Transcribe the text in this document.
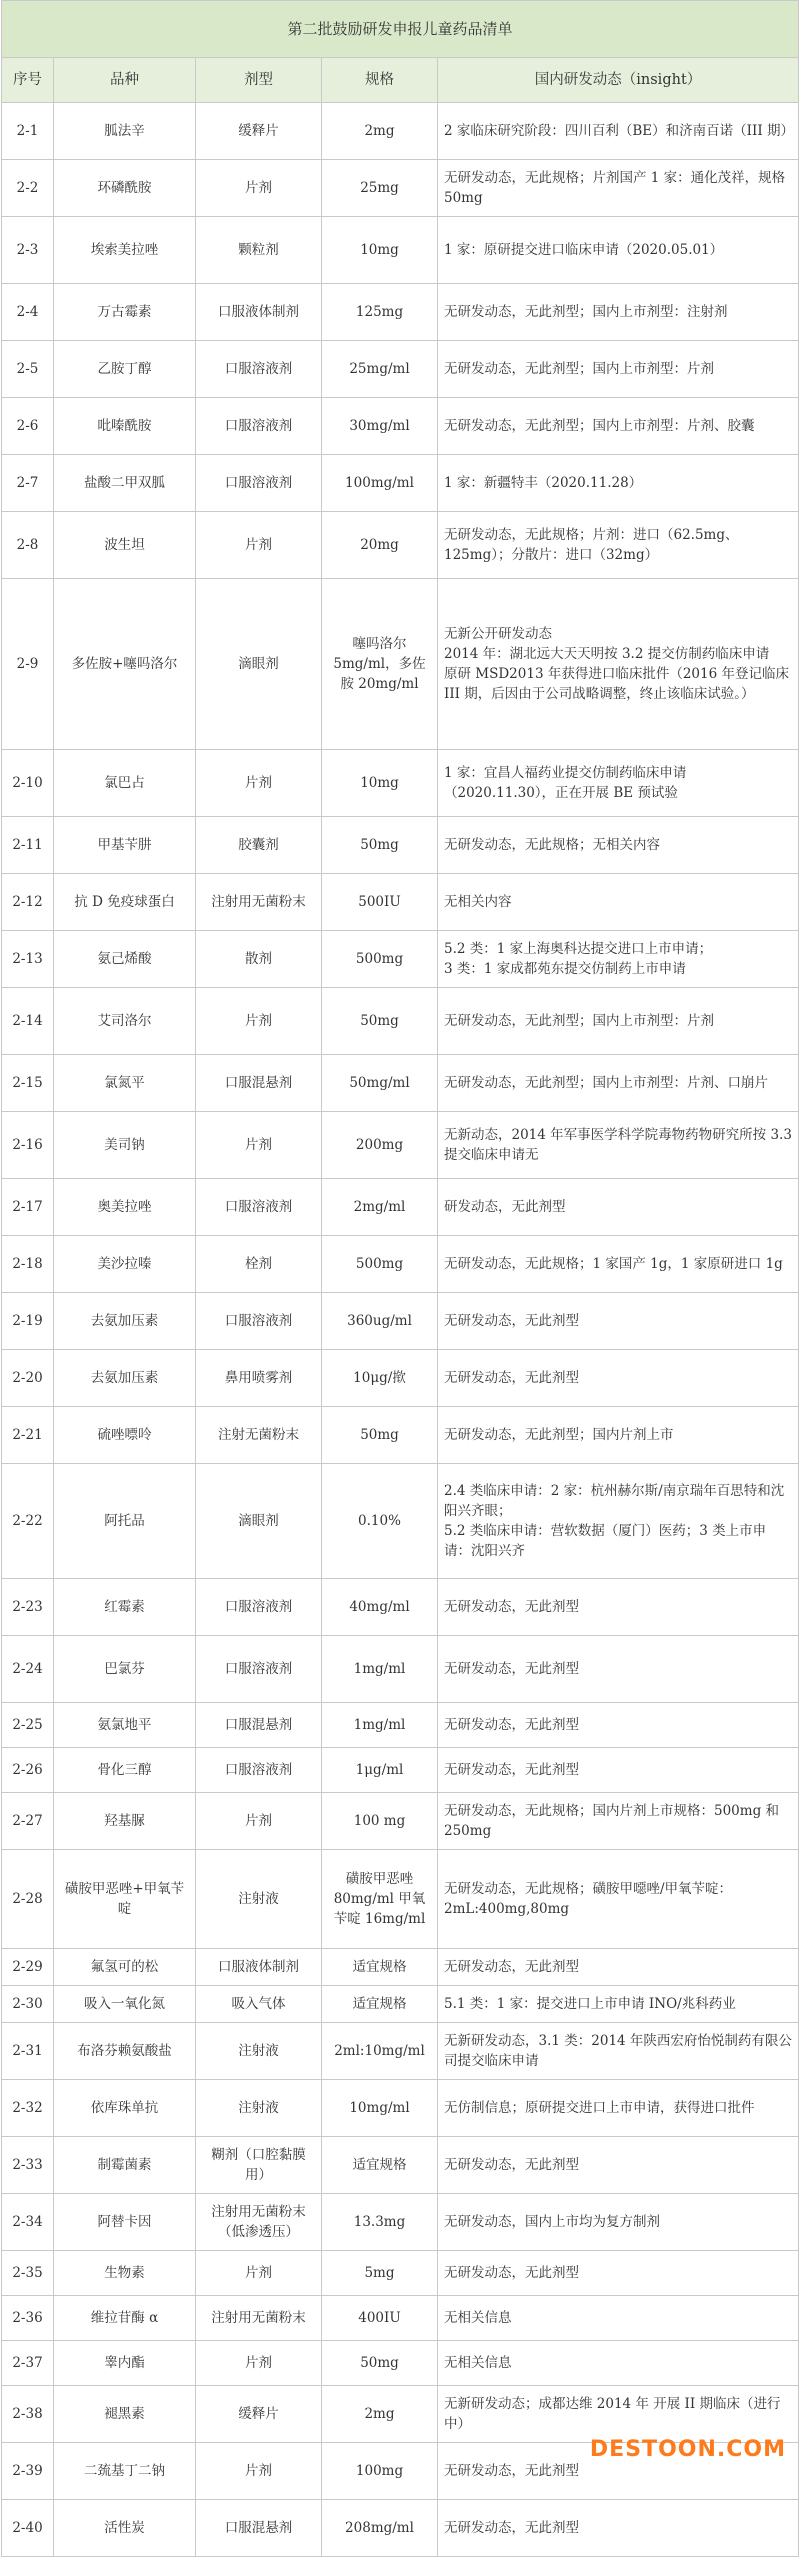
第二批鼓励研发申报儿童药品清单				
序号	品种	剂型	规格	国内研发动态（insight）
2-1	胍法辛	缓释片	2mg	2 家临床研究阶段：四川百利（BE）和济南百诺（III 期）
2-2	环磷酰胺	片剂	25mg	无研发动态，无此规格；片剂国产 1 家：通化茂祥，规格 50mg
2-3	埃索美拉唑	颗粒剂	10mg	1 家：原研提交进口临床申请（2020.05.01）
2-4	万古霉素	口服液体制剂	125mg	无研发动态，无此剂型；国内上市剂型：注射剂
2-5	乙胺丁醇	口服溶液剂	25mg/ml	无研发动态，无此剂型；国内上市剂型：片剂
2-6	吡嗪酰胺	口服溶液剂	30mg/ml	无研发动态，无此剂型；国内上市剂型：片剂、胶囊
2-7	盐酸二甲双胍	口服溶液剂	100mg/ml	1 家：新疆特丰（2020.11.28）
2-8	波生坦	片剂	20mg	无研发动态，无此规格；片剂：进口（62.5mg、125mg）；分散片：进口（32mg）
2-9	多佐胺+噻吗洛尔	滴眼剂	噻吗洛尔 5mg/ml，多佐胺 20mg/ml	无新公开研发动态
2014 年：湖北远大天天明按 3.2 提交仿制药临床申请
原研 MSD2013 年获得进口临床批件（2016 年登记临床 III 期，后因由于公司战略调整，终止该临床试验。）
2-10	氯巴占	片剂	10mg	1 家：宜昌人福药业提交仿制药临床申请（2020.11.30），正在开展 BE 预试验
2-11	甲基苄肼	胶囊剂	50mg	无研发动态，无此规格；无相关内容
2-12	抗 D 免疫球蛋白	注射用无菌粉末	500IU	无相关内容
2-13	氨己烯酸	散剂	500mg	5.2 类：1 家上海奥科达提交进口上市申请；
3 类：1 家成都苑东提交仿制药上市申请
2-14	艾司洛尔	片剂	50mg	无研发动态，无此剂型；国内上市剂型：片剂
2-15	氯氮平	口服混悬剂	50mg/ml	无研发动态，无此剂型；国内上市剂型：片剂、口崩片
2-16	美司钠	片剂	200mg	无新动态，2014 年军事医学科学院毒物药物研究所按 3.3 提交临床申请无
2-17	奥美拉唑	口服溶液剂	2mg/ml	研发动态，无此剂型
2-18	美沙拉嗪	栓剂	500mg	无研发动态，无此规格；1 家国产 1g，1 家原研进口 1g
2-19	去氨加压素	口服溶液剂	360ug/ml	无研发动态，无此剂型
2-20	去氨加压素	鼻用喷雾剂	10μg/揿	无研发动态，无此剂型
2-21	硫唑嘌呤	注射无菌粉末	50mg	无研发动态，无此剂型；国内片剂上市
2-22	阿托品	滴眼剂	0.10%	2.4 类临床申请：2 家：杭州赫尔斯/南京瑞年百思特和沈阳兴齐眼；
5.2 类临床申请：营软数据（厦门）医药；3 类上市申请：沈阳兴齐
2-23	红霉素	口服溶液剂	40mg/ml	无研发动态，无此剂型
2-24	巴氯芬	口服溶液剂	1mg/ml	无研发动态，无此剂型
2-25	氨氯地平	口服混悬剂	1mg/ml	无研发动态，无此剂型
2-26	骨化三醇	口服溶液剂	1μg/ml	无研发动态，无此剂型
2-27	羟基脲	片剂	100 mg	无研发动态，无此规格；国内片剂上市规格：500mg 和 250mg
2-28	磺胺甲恶唑+甲氧苄啶	注射液	磺胺甲恶唑 80mg/ml 甲氧苄啶 16mg/ml	无研发动态，无此规格；磺胺甲噁唑/甲氧苄啶：2mL:400mg,80mg
2-29	氟氢可的松	口服液体制剂	适宜规格	无研发动态，无此剂型
2-30	吸入一氧化氮	吸入气体	适宜规格	5.1 类：1 家：提交进口上市申请 INO/兆科药业
2-31	布洛芬赖氨酸盐	注射液	2ml:10mg/ml	无新研发动态，3.1 类：2014 年陕西宏府怡悦制药有限公司提交临床申请
2-32	依库珠单抗	注射液	10mg/ml	无仿制信息；原研提交进口上市申请，获得进口批件
2-33	制霉菌素	糊剂（口腔黏膜用）	适宜规格	无研发动态，无此剂型
2-34	阿替卡因	注射用无菌粉末（低渗透压）	13.3mg	无研发动态，国内上市均为复方制剂
2-35	生物素	片剂	5mg	无研发动态，无此剂型
2-36	维拉苷酶 α	注射用无菌粉末	400IU	无相关信息
2-37	睾内酯	片剂	50mg	无相关信息
2-38	褪黑素	缓释片	2mg	无新研发动态；成都达维 2014 年 开展 II 期临床（进行中）
2-39	二巯基丁二钠	片剂	100mg	无研发动态，无此剂型
2-40	活性炭	口服混悬剂	208mg/ml	无研发动态，无此剂型
DESTOON.COM
